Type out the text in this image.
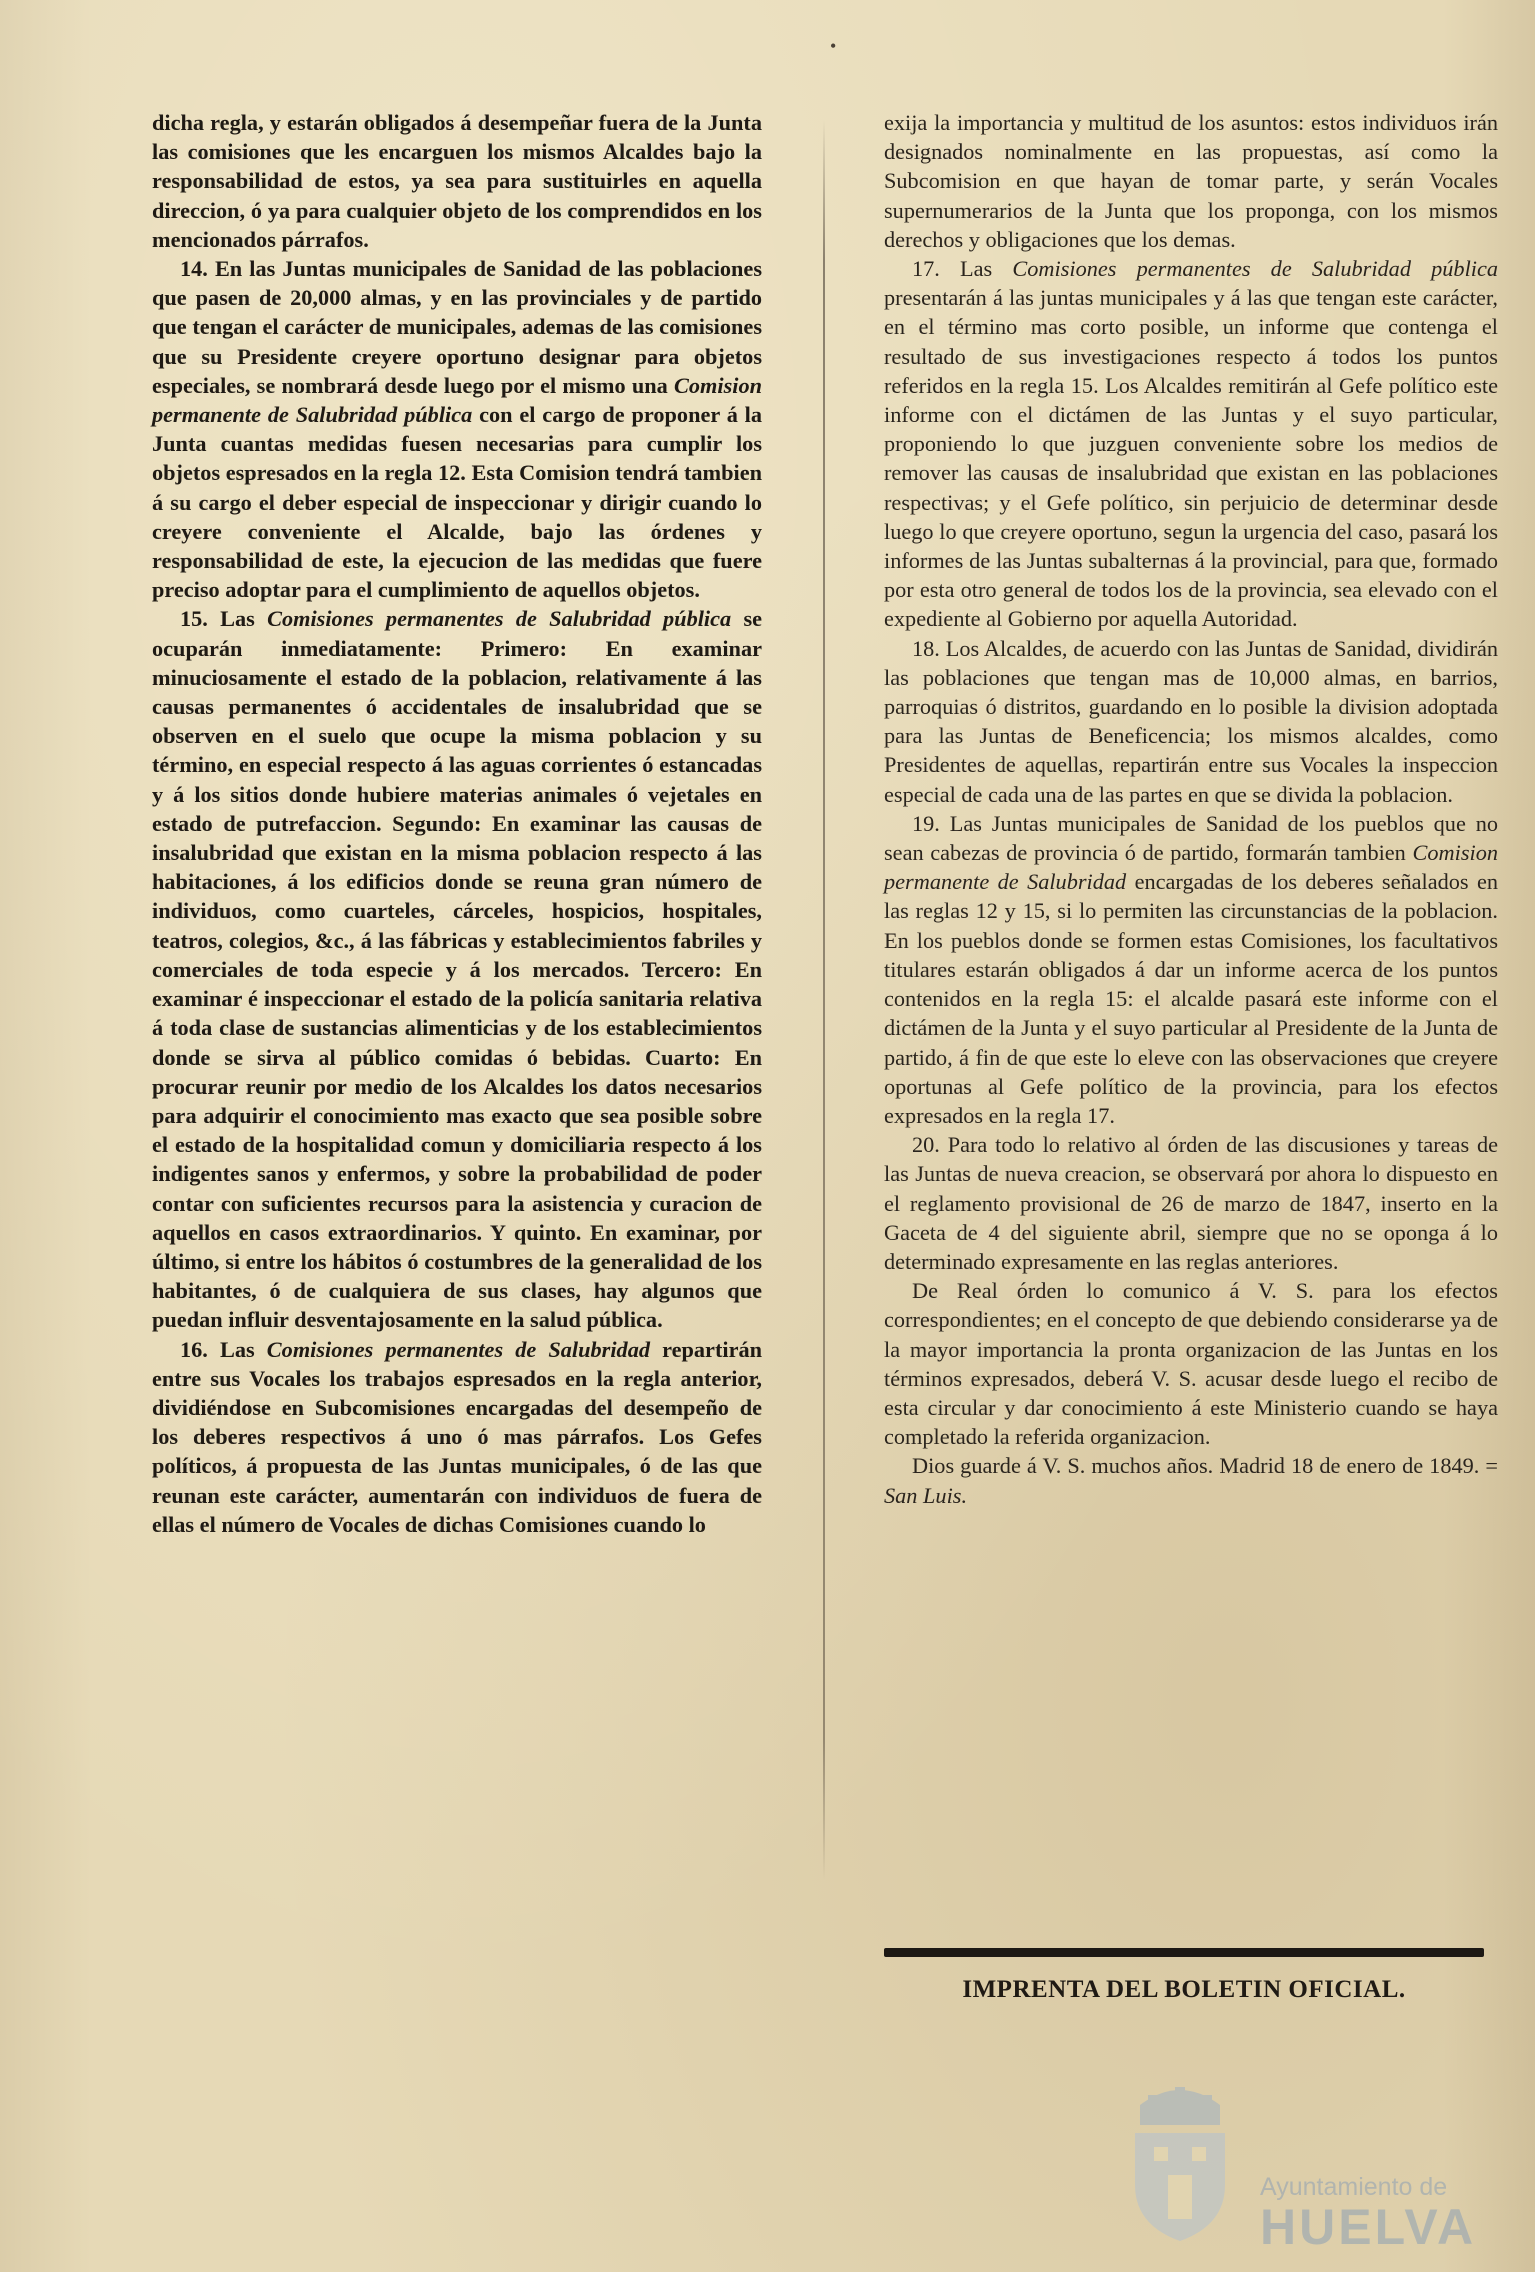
•

dicha regla, y estarán obligados á desempeñar fuera de la Junta las comisiones que les encarguen los mismos Alcaldes bajo la responsabilidad de estos, ya sea para sustituirles en aquella direccion, ó ya para cualquier objeto de los comprendidos en los mencionados párrafos.

14. En las Juntas municipales de Sanidad de las poblaciones que pasen de 20,000 almas, y en las provinciales y de partido que tengan el carácter de municipales, ademas de las comisiones que su Presidente creyere oportuno designar para objetos especiales, se nombrará desde luego por el mismo una Comision permanente de Salubridad pública con el cargo de proponer á la Junta cuantas medidas fuesen necesarias para cumplir los objetos espresados en la regla 12. Esta Comision tendrá tambien á su cargo el deber especial de inspeccionar y dirigir cuando lo creyere conveniente el Alcalde, bajo las órdenes y responsabilidad de este, la ejecucion de las medidas que fuere preciso adoptar para el cumplimiento de aquellos objetos.

15. Las Comisiones permanentes de Salubridad pública se ocuparán inmediatamente: Primero: En examinar minuciosamente el estado de la poblacion, relativamente á las causas permanentes ó accidentales de insalubridad que se observen en el suelo que ocupe la misma poblacion y su término, en especial respecto á las aguas corrientes ó estancadas y á los sitios donde hubiere materias animales ó vejetales en estado de putrefaccion. Segundo: En examinar las causas de insalubridad que existan en la misma poblacion respecto á las habitaciones, á los edificios donde se reuna gran número de individuos, como cuarteles, cárceles, hospicios, hospitales, teatros, colegios, &c., á las fábricas y establecimientos fabriles y comerciales de toda especie y á los mercados. Tercero: En examinar é inspeccionar el estado de la policía sanitaria relativa á toda clase de sustancias alimenticias y de los establecimientos donde se sirva al público comidas ó bebidas. Cuarto: En procurar reunir por medio de los Alcaldes los datos necesarios para adquirir el conocimiento mas exacto que sea posible sobre el estado de la hospitalidad comun y domiciliaria respecto á los indigentes sanos y enfermos, y sobre la probabilidad de poder contar con suficientes recursos para la asistencia y curacion de aquellos en casos extraordinarios. Y quinto. En examinar, por último, si entre los hábitos ó costumbres de la generalidad de los habitantes, ó de cualquiera de sus clases, hay algunos que puedan influir desventajosamente en la salud pública.

16. Las Comisiones permanentes de Salubridad repartirán entre sus Vocales los trabajos espresados en la regla anterior, dividiéndose en Subcomisiones encargadas del desempeño de los deberes respectivos á uno ó mas párrafos. Los Gefes políticos, á propuesta de las Juntas municipales, ó de las que reunan este carácter, aumentarán con individuos de fuera de ellas el número de Vocales de dichas Comisiones cuando lo

exija la importancia y multitud de los asuntos: estos individuos irán designados nominalmente en las propuestas, así como la Subcomision en que hayan de tomar parte, y serán Vocales supernumerarios de la Junta que los proponga, con los mismos derechos y obligaciones que los demas.

17. Las Comisiones permanentes de Salubridad pública presentarán á las juntas municipales y á las que tengan este carácter, en el término mas corto posible, un informe que contenga el resultado de sus investigaciones respecto á todos los puntos referidos en la regla 15. Los Alcaldes remitirán al Gefe político este informe con el dictámen de las Juntas y el suyo particular, proponiendo lo que juzguen conveniente sobre los medios de remover las causas de insalubridad que existan en las poblaciones respectivas; y el Gefe político, sin perjuicio de determinar desde luego lo que creyere oportuno, segun la urgencia del caso, pasará los informes de las Juntas subalternas á la provincial, para que, formado por esta otro general de todos los de la provincia, sea elevado con el expediente al Gobierno por aquella Autoridad.

18. Los Alcaldes, de acuerdo con las Juntas de Sanidad, dividirán las poblaciones que tengan mas de 10,000 almas, en barrios, parroquias ó distritos, guardando en lo posible la division adoptada para las Juntas de Beneficencia; los mismos alcaldes, como Presidentes de aquellas, repartirán entre sus Vocales la inspeccion especial de cada una de las partes en que se divida la poblacion.

19. Las Juntas municipales de Sanidad de los pueblos que no sean cabezas de provincia ó de partido, formarán tambien Comision permanente de Salubridad encargadas de los deberes señalados en las reglas 12 y 15, si lo permiten las circunstancias de la poblacion. En los pueblos donde se formen estas Comisiones, los facultativos titulares estarán obligados á dar un informe acerca de los puntos contenidos en la regla 15: el alcalde pasará este informe con el dictámen de la Junta y el suyo particular al Presidente de la Junta de partido, á fin de que este lo eleve con las observaciones que creyere oportunas al Gefe político de la provincia, para los efectos expresados en la regla 17.

20. Para todo lo relativo al órden de las discusiones y tareas de las Juntas de nueva creacion, se observará por ahora lo dispuesto en el reglamento provisional de 26 de marzo de 1847, inserto en la Gaceta de 4 del siguiente abril, siempre que no se oponga á lo determinado expresamente en las reglas anteriores.

De Real órden lo comunico á V. S. para los efectos correspondientes; en el concepto de que debiendo considerarse ya de la mayor importancia la pronta organizacion de las Juntas en los términos expresados, deberá V. S. acusar desde luego el recibo de esta circular y dar conocimiento á este Ministerio cuando se haya completado la referida organizacion.

Dios guarde á V. S. muchos años. Madrid 18 de enero de 1849. = San Luis.

IMPRENTA DEL BOLETIN OFICIAL.
Ayuntamiento de
HUELVA
